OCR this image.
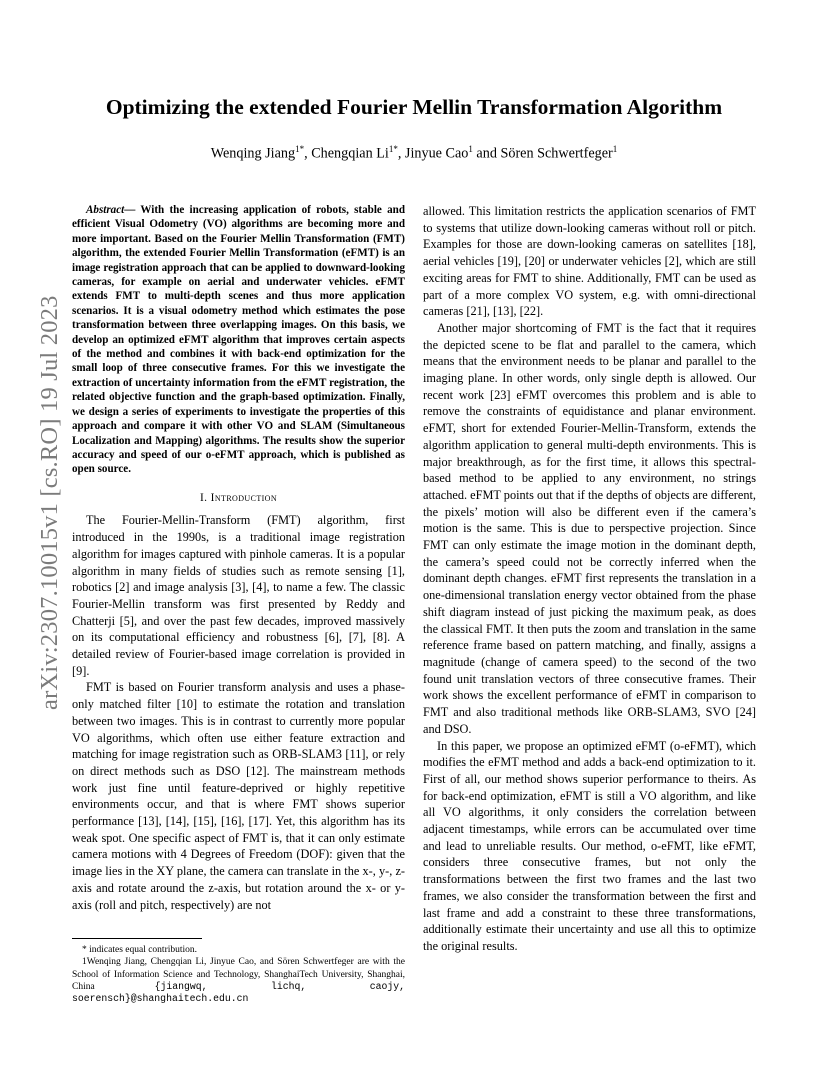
arXiv:2307.10015v1 [cs.RO] 19 Jul 2023
Optimizing the extended Fourier Mellin Transformation Algorithm
Wenqing Jiang$^{1*}$, Chengqian $Li^{1*}$, Jinyue Cao$^1$ and Sören Schwertfeger$^1$

Abstract— With the increasing application of robots, stable and efficient Visual Odometry (VO) algorithms are becoming more and more important. Based on the Fourier Mellin Transformation (FMT) algorithm, the extended Fourier Mellin Transformation (eFMT) is an image registration approach that can be applied to downward-looking cameras, for example on aerial and underwater vehicles. eFMT extends FMT to multi-depth scenes and thus more application scenarios. It is a visual odometry method which estimates the pose transformation between three overlapping images. On this basis, we develop an optimized eFMT algorithm that improves certain aspects of the method and combines it with back-end optimization for the small loop of three consecutive frames. For this we investigate the extraction of uncertainty information from the eFMT registration, the related objective function and the graph-based optimization. Finally, we design a series of experiments to investigate the properties of this approach and compare it with other VO and SLAM (Simultaneous Localization and Mapping) algorithms. The results show the superior accuracy and speed of our o-eFMT approach, which is published as open source.

I. Introduction

The Fourier-Mellin-Transform (FMT) algorithm, first introduced in the 1990s, is a traditional image registration algorithm for images captured with pinhole cameras. It is a popular algorithm in many fields of studies such as remote sensing [1], robotics [2] and image analysis [3], [4], to name a few. The classic Fourier-Mellin transform was first presented by Reddy and Chatterji [5], and over the past few decades, improved massively on its computational efficiency and robustness [6], [7], [8]. A detailed review of Fourier-based image correlation is provided in [9].

FMT is based on Fourier transform analysis and uses a phase-only matched filter [10] to estimate the rotation and translation between two images. This is in contrast to currently more popular VO algorithms, which often use either feature extraction and matching for image registration such as ORB-SLAM3 [11], or rely on direct methods such as DSO [12]. The mainstream methods work just fine until feature-deprived or highly repetitive environments occur, and that is where FMT shows superior performance [13], [14], [15], [16], [17]. Yet, this algorithm has its weak spot. One specific aspect of FMT is, that it can only estimate camera motions with 4 Degrees of Freedom (DOF): given that the image lies in the XY plane, the camera can translate in the x-, y-, z-axis and rotate around the z-axis, but rotation around the x- or y-axis (roll and pitch, respectively) are not

* indicates equal contribution.

1Wenqing Jiang, Chengqian Li, Jinyue Cao, and Sören Schwertfeger are with the School of Information Science and Technology, ShanghaiTech University, Shanghai, China	{jiangwq, lichq, caojy, soerensch}@shanghaitech.edu.cn

allowed. This limitation restricts the application scenarios of FMT to systems that utilize down-looking cameras without roll or pitch. Examples for those are down-looking cameras on satellites [18], aerial vehicles [19], [20] or underwater vehicles [2], which are still exciting areas for FMT to shine. Additionally, FMT can be used as part of a more complex VO system, e.g. with omni-directional cameras [21], [13], [22].

Another major shortcoming of FMT is the fact that it requires the depicted scene to be flat and parallel to the camera, which means that the environment needs to be planar and parallel to the imaging plane. In other words, only single depth is allowed. Our recent work [23] eFMT overcomes this problem and is able to remove the constraints of equidistance and planar environment. eFMT, short for extended Fourier-Mellin-Transform, extends the algorithm application to general multi-depth environments. This is major breakthrough, as for the first time, it allows this spectral-based method to be applied to any environment, no strings attached. eFMT points out that if the depths of objects are different, the pixels’ motion will also be different even if the camera’s motion is the same. This is due to perspective projection. Since FMT can only estimate the image motion in the dominant depth, the camera’s speed could not be correctly inferred when the dominant depth changes. eFMT first represents the translation in a one-dimensional translation energy vector obtained from the phase shift diagram instead of just picking the maximum peak, as does the classical FMT. It then puts the zoom and translation in the same reference frame based on pattern matching, and finally, assigns a magnitude (change of camera speed) to the second of the two found unit translation vectors of three consecutive frames. Their work shows the excellent performance of eFMT in comparison to FMT and also traditional methods like ORB-SLAM3, SVO [24] and DSO.

In this paper, we propose an optimized eFMT (o-eFMT), which modifies the eFMT method and adds a back-end optimization to it. First of all, our method shows superior performance to theirs. As for back-end optimization, eFMT is still a VO algorithm, and like all VO algorithms, it only considers the correlation between adjacent timestamps, while errors can be accumulated over time and lead to unreliable results. Our method, o-eFMT, like eFMT, considers three consecutive frames, but not only the transformations between the first two frames and the last two frames, we also consider the transformation between the first and last frame and add a constraint to these three transformations, additionally estimate their uncertainty and use all this to optimize the original results.
